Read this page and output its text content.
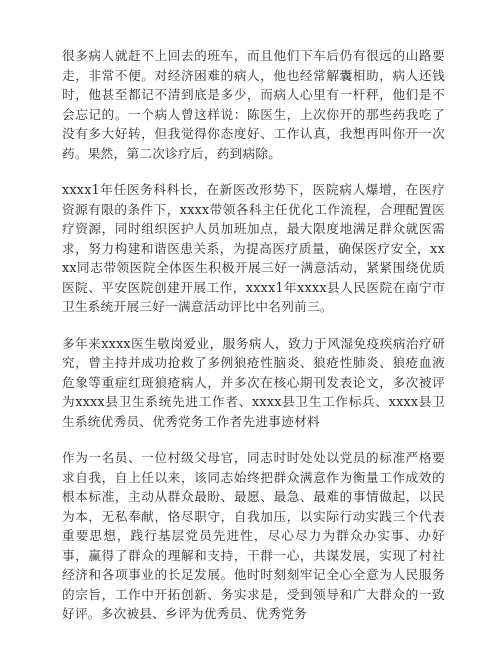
很多病人就赶不上回去的班车，而且他们下车后仍有很远的山路要走，非常不便。对经济困难的病人，他也经常解囊相助，病人还钱时，他甚至都记不清到底是多少，而病人心里有一杆秤，他们是不会忘记的。一个病人曾这样说：陈医生，上次你开的那些药我吃了没有多大好转，但我觉得你态度好、工作认真，我想再叫你开一次药。果然，第二次诊疗后，药到病除。

xxxx1年任医务科科长，在新医改形势下，医院病人爆增，在医疗资源有限的条件下，xxxx带领各科主任优化工作流程，合理配置医疗资源，同时组织医护人员加班加点，最大限度地满足群众就医需求，努力构建和谐医患关系，为提高医疗质量，确保医疗安全，xxxx同志带领医院全体医生积极开展三好一满意活动，紧紧围绕优质医院、平安医院创建开展工作，xxxx1年xxxx县人民医院在南宁市卫生系统开展三好一满意活动评比中名列前三。

多年来xxxx医生敬岗爱业，服务病人，致力于风湿免疫疾病治疗研究，曾主持并成功抢救了多例狼疮性脑炎、狼疮性肺炎、狼疮血液危象等重症红斑狼疮病人，并多次在核心期刊发表论文，多次被评为xxxx县卫生系统先进工作者、xxxx县卫生工作标兵、xxxx县卫生系统优秀员、优秀党务工作者先进事迹材料

作为一名员、一位村级父母官，同志时时处处以党员的标准严格要求自我，自上任以来，该同志始终把群众满意作为衡量工作成效的根本标准，主动从群众最盼、最愿、最急、最难的事情做起，以民为本，无私奉献，恪尽职守，自我加压，以实际行动实践三个代表重要思想，践行基层党员先进性，尽心尽力为群众办实事、办好事，赢得了群众的理解和支持，干群一心，共谋发展，实现了村社经济和各项事业的长足发展。他时时刻刻牢记全心全意为人民服务的宗旨，工作中开拓创新、务实求是，受到领导和广大群众的一致好评。多次被县、乡评为优秀员、优秀党务
